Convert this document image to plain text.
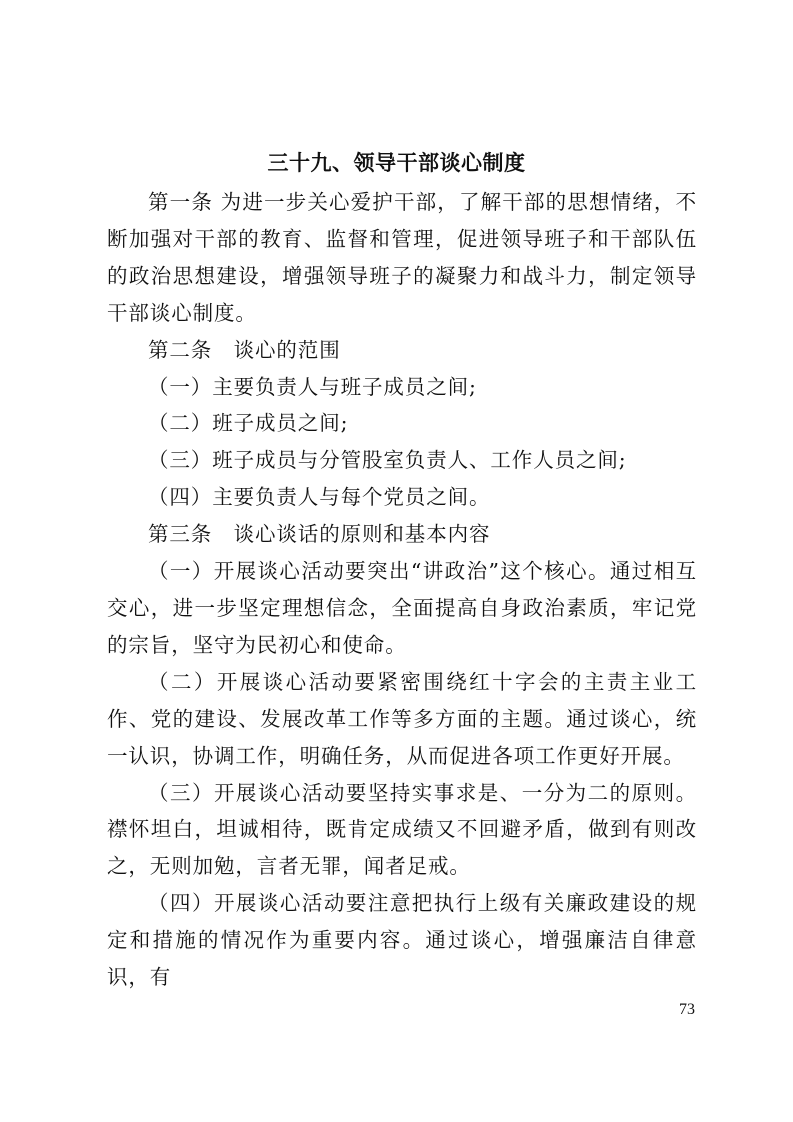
三十九、领导干部谈心制度

第一条 为进一步关心爱护干部，了解干部的思想情绪，不断加强对干部的教育、监督和管理，促进领导班子和干部队伍的政治思想建设，增强领导班子的凝聚力和战斗力，制定领导干部谈心制度。

第二条　谈心的范围

（一）主要负责人与班子成员之间;

（二）班子成员之间;

（三）班子成员与分管股室负责人、工作人员之间;

（四）主要负责人与每个党员之间。

第三条　谈心谈话的原则和基本内容

（一）开展谈心活动要突出“讲政治”这个核心。通过相互交心，进一步坚定理想信念，全面提高自身政治素质，牢记党的宗旨，坚守为民初心和使命。

（二）开展谈心活动要紧密围绕红十字会的主责主业工作、党的建设、发展改革工作等多方面的主题。通过谈心，统一认识，协调工作，明确任务，从而促进各项工作更好开展。

（三）开展谈心活动要坚持实事求是、一分为二的原则。襟怀坦白，坦诚相待，既肯定成绩又不回避矛盾，做到有则改之，无则加勉，言者无罪，闻者足戒。

（四）开展谈心活动要注意把执行上级有关廉政建设的规定和措施的情况作为重要内容。通过谈心，增强廉洁自律意识，有

73
